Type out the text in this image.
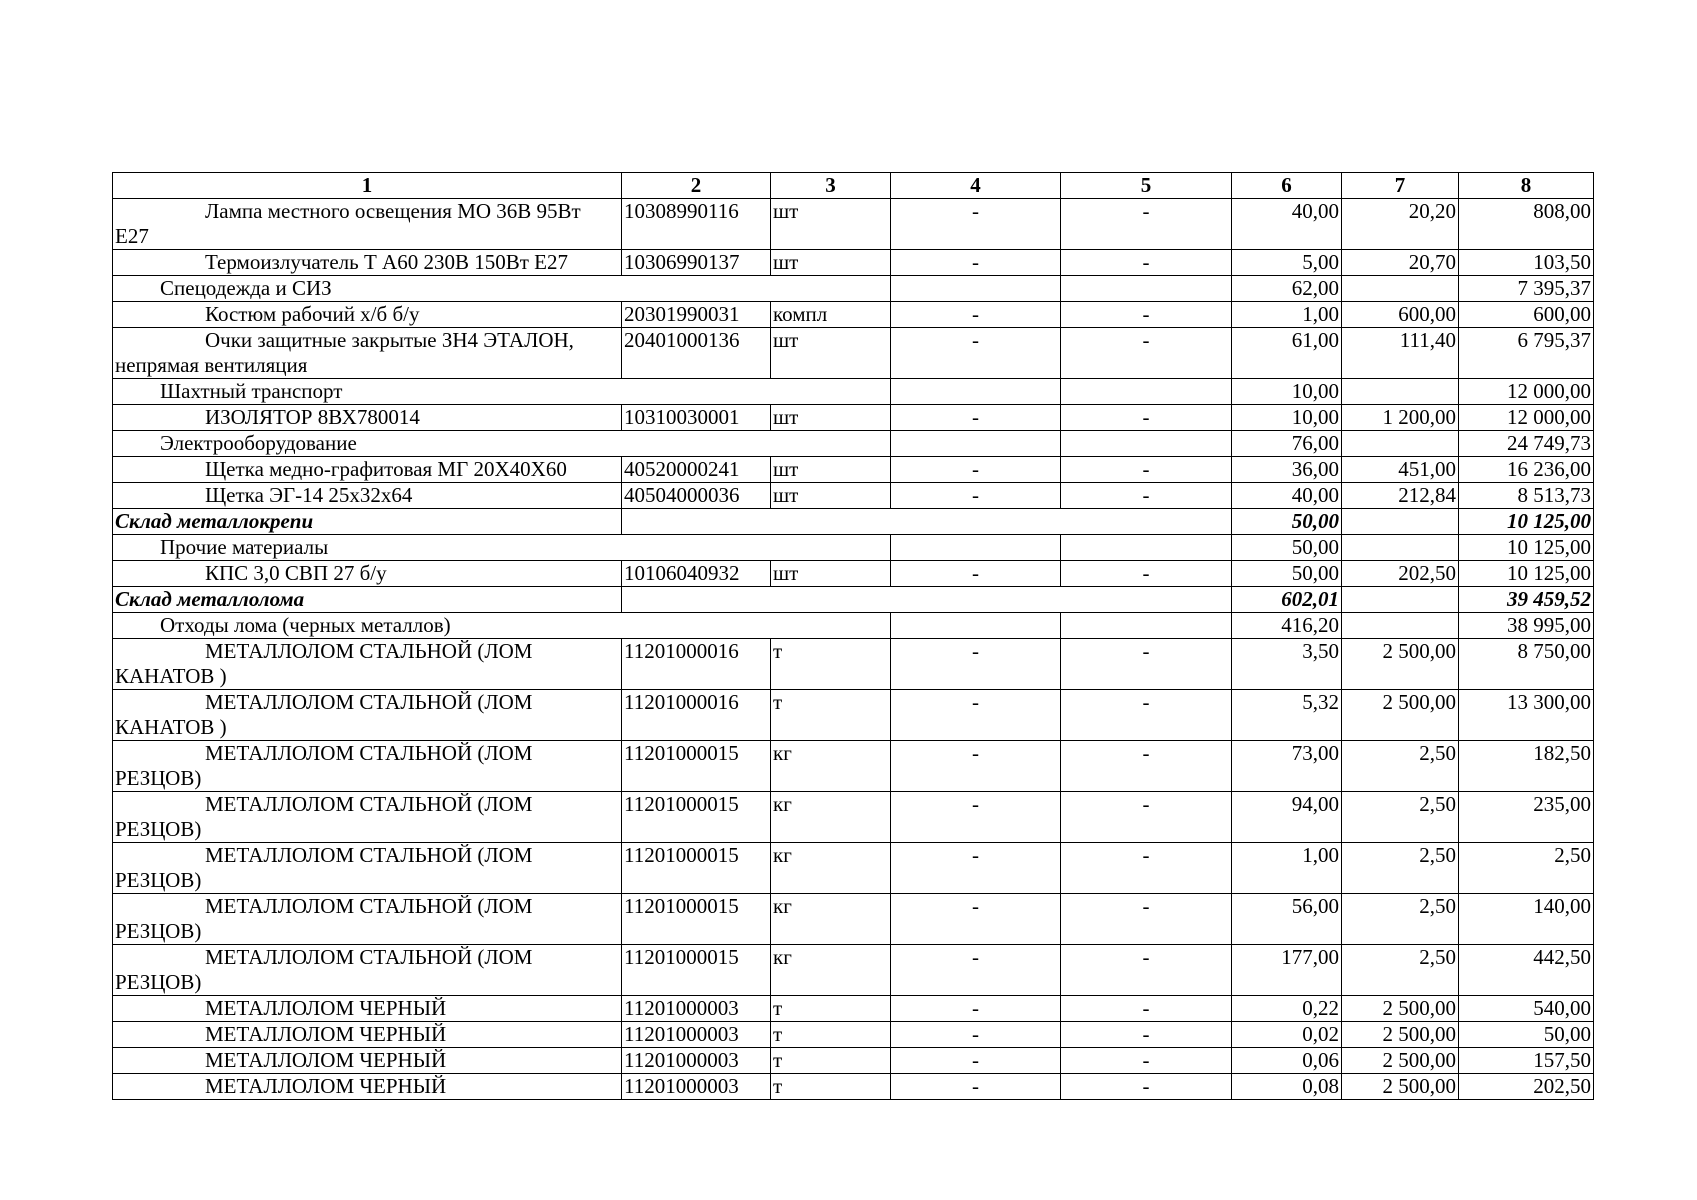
1	2	3	4	5	6	7	8
Лампа местного освещения МО 36В 95Вт Е27	10308990116	шт	-	-	40,00	20,20	808,00
Термоизлучатель Т А60 230В 150Вт Е27	10306990137	шт	-	-	5,00	20,70	103,50
Спецодежда и СИЗ					62,00		7 395,37
Костюм рабочий х/б б/у	20301990031	компл	-	-	1,00	600,00	600,00
Очки защитные закрытые ЗН4 ЭТАЛОН, непрямая вентиляция	20401000136	шт	-	-	61,00	111,40	6 795,37
Шахтный транспорт					10,00		12 000,00
ИЗОЛЯТОР 8ВХ780014	10310030001	шт	-	-	10,00	1 200,00	12 000,00
Электрооборудование					76,00		24 749,73
Щетка медно-графитовая МГ 20Х40Х60	40520000241	шт	-	-	36,00	451,00	16 236,00
Щетка ЭГ-14 25х32х64	40504000036	шт	-	-	40,00	212,84	8 513,73
Склад металлокрепи					50,00		10 125,00
Прочие материалы					50,00		10 125,00
КПС 3,0 СВП 27 б/у	10106040932	шт	-	-	50,00	202,50	10 125,00
Склад металлолома					602,01		39 459,52
Отходы лома (черных металлов)					416,20		38 995,00
МЕТАЛЛОЛОМ СТАЛЬНОЙ (ЛОМ КАНАТОВ )	11201000016	т	-	-	3,50	2 500,00	8 750,00
МЕТАЛЛОЛОМ СТАЛЬНОЙ (ЛОМ КАНАТОВ )	11201000016	т	-	-	5,32	2 500,00	13 300,00
МЕТАЛЛОЛОМ СТАЛЬНОЙ (ЛОМ РЕЗЦОВ)	11201000015	кг	-	-	73,00	2,50	182,50
МЕТАЛЛОЛОМ СТАЛЬНОЙ (ЛОМ РЕЗЦОВ)	11201000015	кг	-	-	94,00	2,50	235,00
МЕТАЛЛОЛОМ СТАЛЬНОЙ (ЛОМ РЕЗЦОВ)	11201000015	кг	-	-	1,00	2,50	2,50
МЕТАЛЛОЛОМ СТАЛЬНОЙ (ЛОМ РЕЗЦОВ)	11201000015	кг	-	-	56,00	2,50	140,00
МЕТАЛЛОЛОМ СТАЛЬНОЙ (ЛОМ РЕЗЦОВ)	11201000015	кг	-	-	177,00	2,50	442,50
МЕТАЛЛОЛОМ ЧЕРНЫЙ	11201000003	т	-	-	0,22	2 500,00	540,00
МЕТАЛЛОЛОМ ЧЕРНЫЙ	11201000003	т	-	-	0,02	2 500,00	50,00
МЕТАЛЛОЛОМ ЧЕРНЫЙ	11201000003	т	-	-	0,06	2 500,00	157,50
МЕТАЛЛОЛОМ ЧЕРНЫЙ	11201000003	т	-	-	0,08	2 500,00	202,50
